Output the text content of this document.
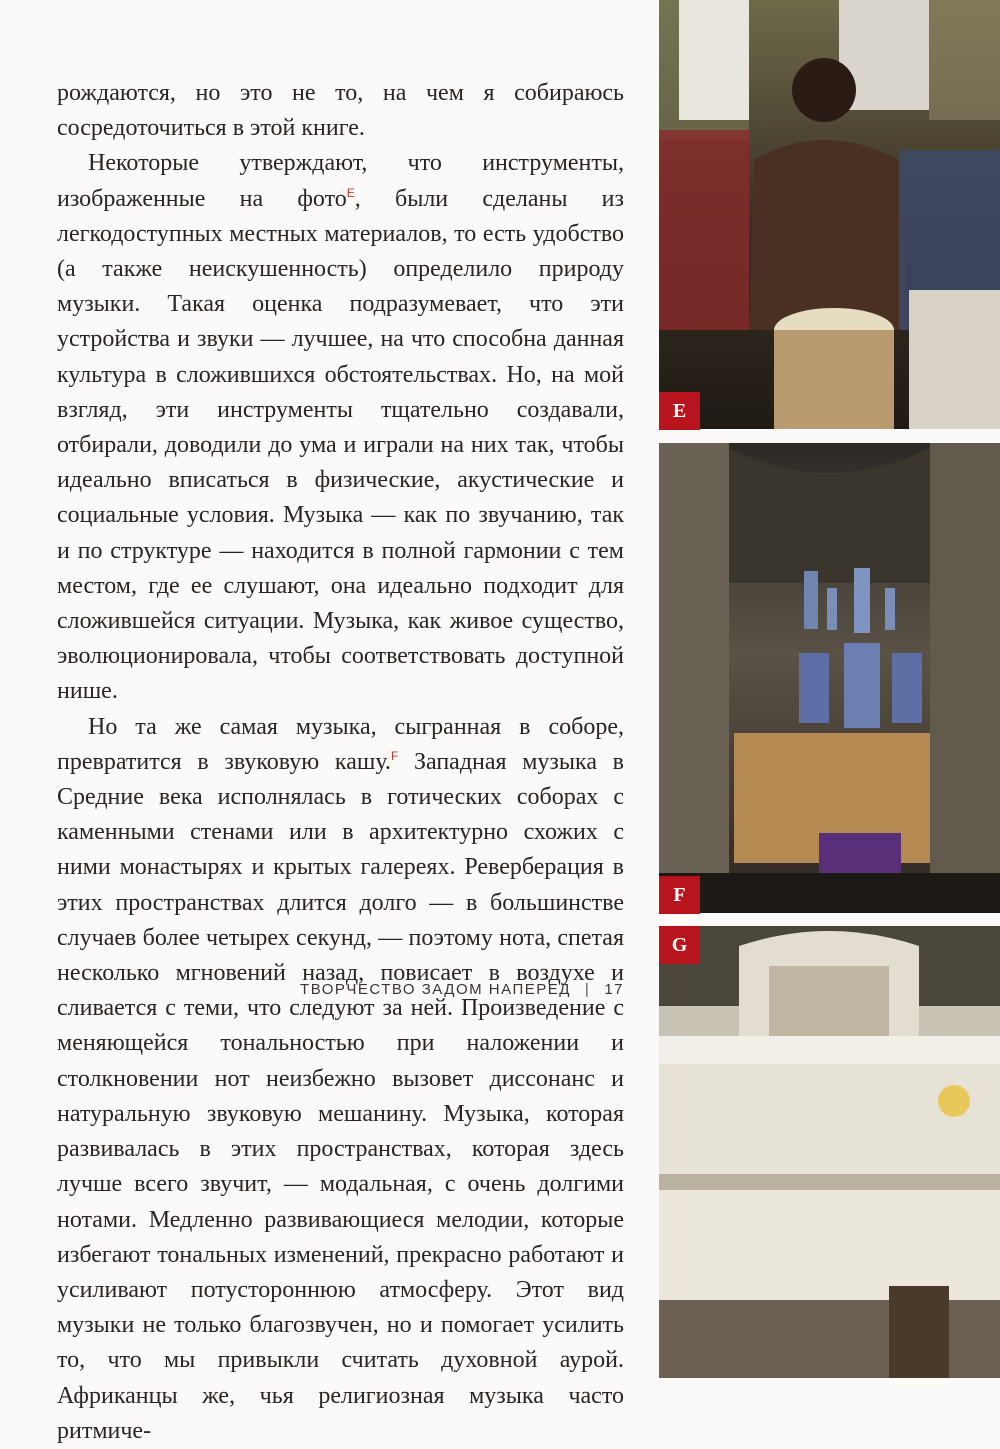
рождаются, но это не то, на чем я собираюсь сосредоточиться в этой книге.

Некоторые утверждают, что инструменты, изображенные на фото$^E$, были сделаны из легкодоступных местных материалов, то есть удобство (а также неискушенность) определило природу музыки. Такая оценка подразумевает, что эти устройства и звуки — лучшее, на что способна данная культура в сложившихся обстоятельствах. Но, на мой взгляд, эти инструменты тщательно создавали, отбирали, доводили до ума и играли на них так, чтобы идеально вписаться в физические, акустические и социальные условия. Музыка — как по звучанию, так и по структуре — находится в полной гармонии с тем местом, где ее слушают, она идеально подходит для сложившейся ситуации. Музыка, как живое существо, эволюционировала, чтобы соответствовать доступной нише.

Но та же самая музыка, сыгранная в соборе, превратится в звуковую кашу.$^F$ Западная музыка в Средние века исполнялась в готических соборах с каменными стенами или в архитектурно схожих с ними монастырях и крытых галереях. Реверберация в этих пространствах длится долго — в большинстве случаев более четырех секунд, — поэтому нота, спетая несколько мгновений назад, повисает в воздухе и сливается с теми, что следуют за ней. Произведение с меняющейся тональностью при наложении и столкновении нот неизбежно вызовет диссонанс и натуральную звуковую мешанину. Музыка, которая развивалась в этих пространствах, которая здесь лучше всего звучит, — модальная, с очень долгими нотами. Медленно развивающиеся мелодии, которые избегают тональных изменений, прекрасно работают и усиливают потустороннюю атмосферу. Этот вид музыки не только благозвучен, но и помогает усилить то, что мы привыкли считать духовной аурой. Африканцы же, чья религиозная музыка часто ритмиче-

ТВОРЧЕСТВО ЗАДОМ НАПЕРЕД | 17
E
F
G
